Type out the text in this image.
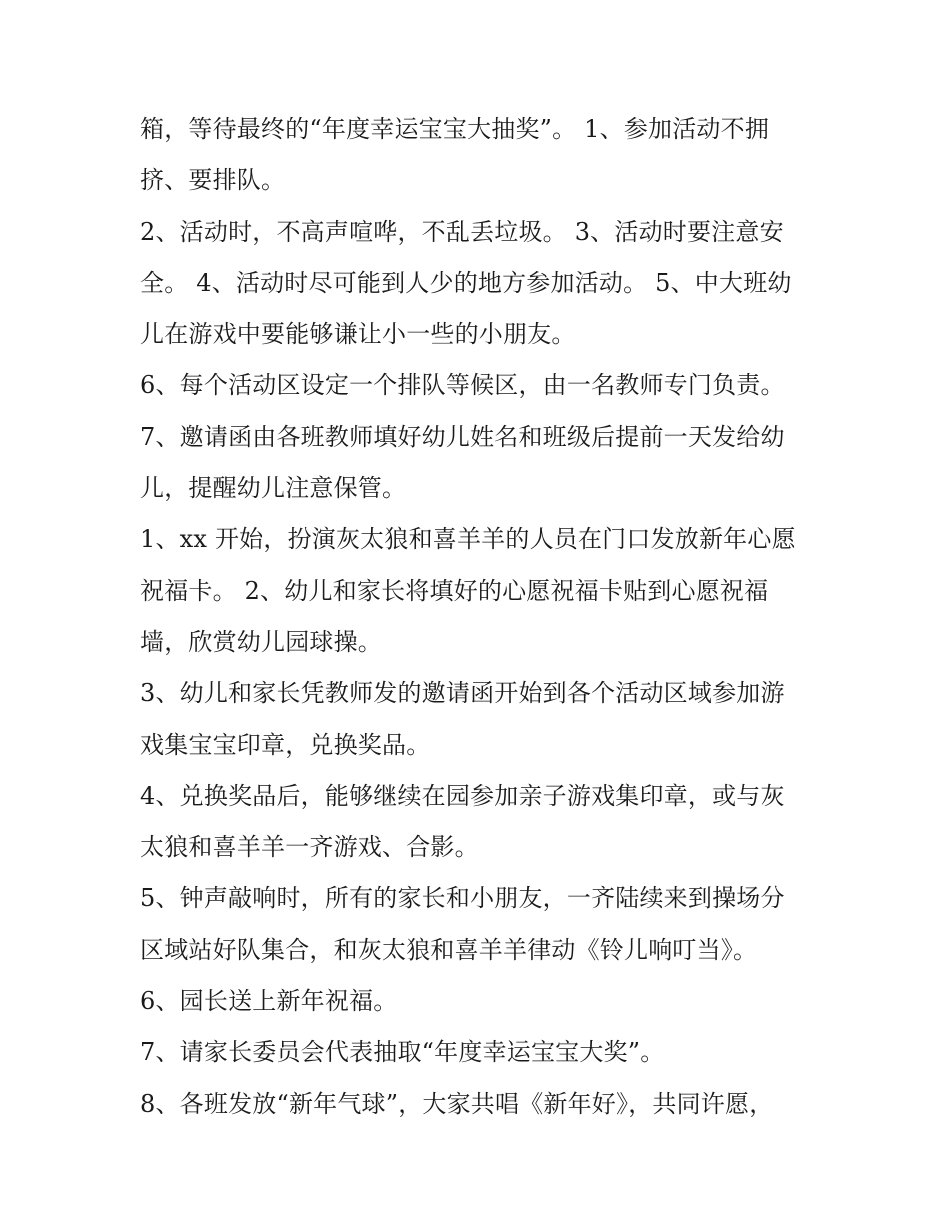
箱，等待最终的“年度幸运宝宝大抽奖”。 1、参加活动不拥
挤、要排队。
2、活动时，不高声喧哗，不乱丢垃圾。 3、活动时要注意安
全。 4、活动时尽可能到人少的地方参加活动。 5、中大班幼
儿在游戏中要能够谦让小一些的小朋友。
6、每个活动区设定一个排队等候区，由一名教师专门负责。
7、邀请函由各班教师填好幼儿姓名和班级后提前一天发给幼
儿，提醒幼儿注意保管。
1、xx 开始，扮演灰太狼和喜羊羊的人员在门口发放新年心愿
祝福卡。 2、幼儿和家长将填好的心愿祝福卡贴到心愿祝福
墙，欣赏幼儿园球操。
3、幼儿和家长凭教师发的邀请函开始到各个活动区域参加游
戏集宝宝印章，兑换奖品。
4、兑换奖品后，能够继续在园参加亲子游戏集印章，或与灰
太狼和喜羊羊一齐游戏、合影。
5、钟声敲响时，所有的家长和小朋友，一齐陆续来到操场分
区域站好队集合，和灰太狼和喜羊羊律动《铃儿响叮当》。
6、园长送上新年祝福。
7、请家长委员会代表抽取“年度幸运宝宝大奖”。
8、各班发放“新年气球”，大家共唱《新年好》，共同许愿，
